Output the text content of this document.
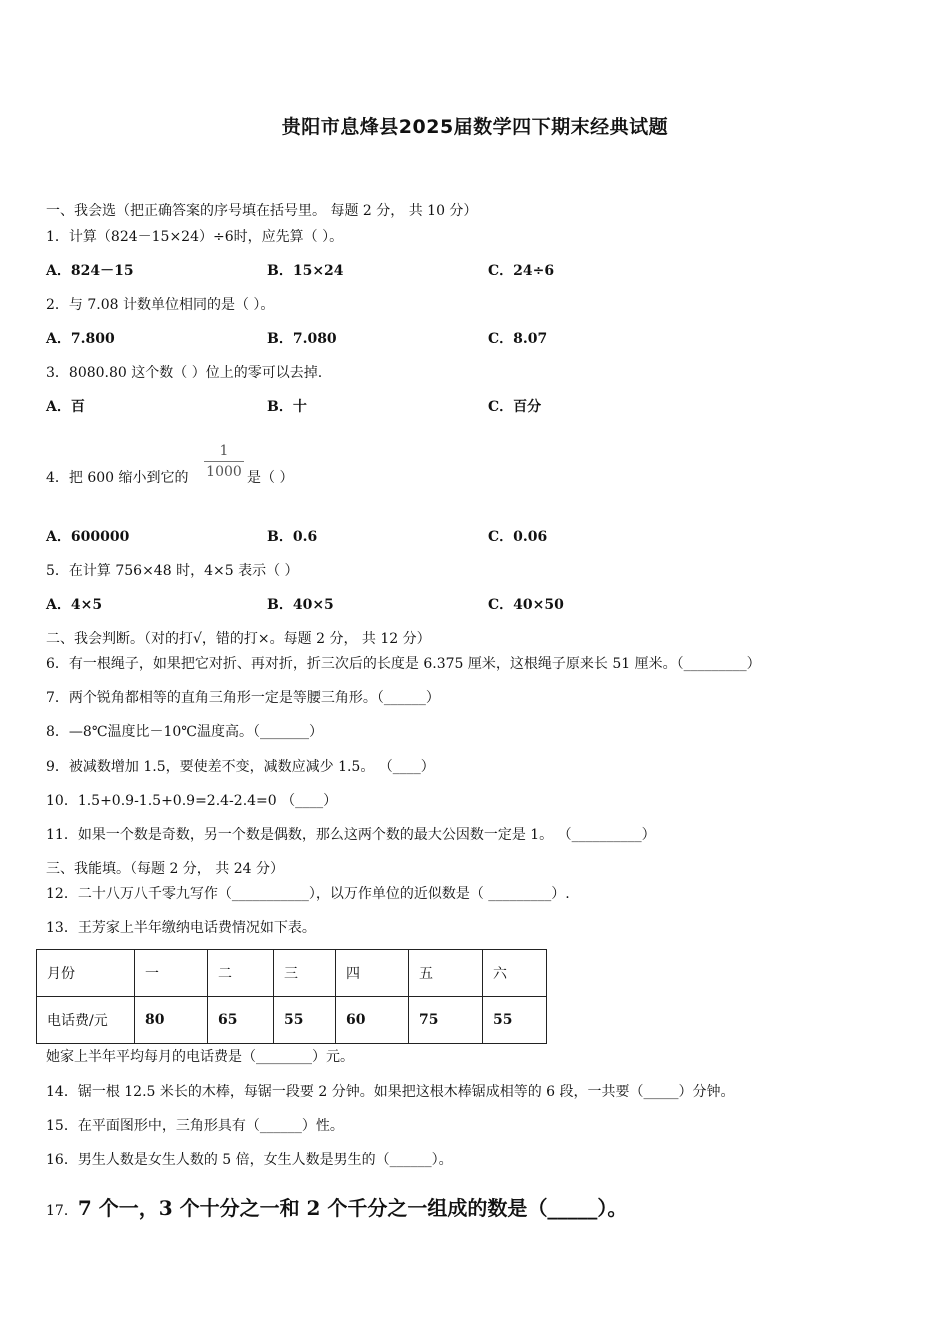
贵阳市息烽县2025届数学四下期末经典试题
一、我会选（把正确答案的序号填在括号里。 每题 2 分， 共 10 分）
1．计算（824－15×24）÷6时，应先算（ ）。
A．824－15	B．15×24	C．24÷6
2．与 7.08 计数单位相同的是（ ）。
A．7.800	B．7.080	C．8.07
3．8080.80 这个数（ ）位上的零可以去掉.
A．百	B．十	C．百分
4．把 600 缩小到它的
1
1000 是（ ）
A．600000	B．0.6	C．0.06
5．在计算 756×48 时，4×5 表示（ ）
A．4×5	B．40×5	C．40×50
二、我会判断。（对的打√，错的打×。每题 2 分， 共 12 分）
6．有一根绳子，如果把它对折、再对折，折三次后的长度是 6.375 厘米，这根绳子原来长 51 厘米。（_________）
7．两个锐角都相等的直角三角形一定是等腰三角形。（______）
8．—8℃温度比－10℃温度高。（_______）
9．被减数增加 1.5，要使差不变，减数应减少 1.5。 （____）
10．1.5+0.9-1.5+0.9=2.4-2.4=0 （____）
11．如果一个数是奇数，另一个数是偶数，那么这两个数的最大公因数一定是 1。 （__________）
三、我能填。（每题 2 分， 共 24 分）
12．二十八万八千零九写作（___________），以万作单位的近似数是（ _________）.
13．王芳家上半年缴纳电话费情况如下表。
月份	一	二	三	四	五	六
电话费/元	80	65	55	60	75	55
她家上半年平均每月的电话费是（________）元。
14．锯一根 12.5 米长的木棒，每锯一段要 2 分钟。如果把这根木棒锯成相等的 6 段，一共要（_____）分钟。
15．在平面图形中，三角形具有（______）性。
16．男生人数是女生人数的 5 倍，女生人数是男生的（______）。
17．7 个一，3 个十分之一和 2 个千分之一组成的数是（_____）。
